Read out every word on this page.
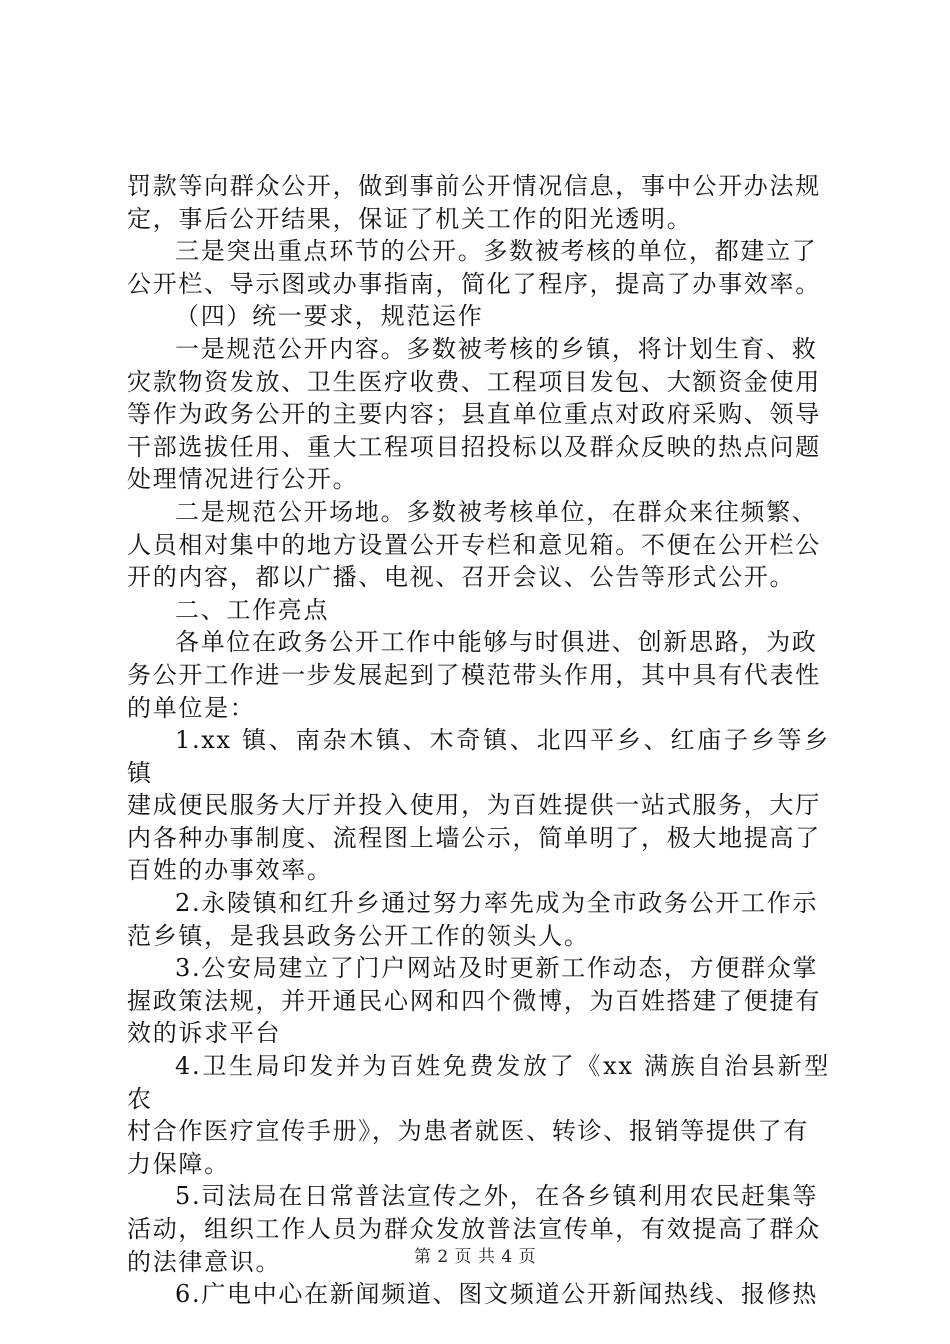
罚款等向群众公开，做到事前公开情况信息，事中公开办法规
定，事后公开结果，保证了机关工作的阳光透明。

三是突出重点环节的公开。多数被考核的单位，都建立了
公开栏、导示图或办事指南，简化了程序，提高了办事效率。

（四）统一要求，规范运作

一是规范公开内容。多数被考核的乡镇，将计划生育、救
灾款物资发放、卫生医疗收费、工程项目发包、大额资金使用
等作为政务公开的主要内容；县直单位重点对政府采购、领导
干部选拔任用、重大工程项目招投标以及群众反映的热点问题
处理情况进行公开。

二是规范公开场地。多数被考核单位，在群众来往频繁、
人员相对集中的地方设置公开专栏和意见箱。不便在公开栏公
开的内容，都以广播、电视、召开会议、公告等形式公开。

二、工作亮点

各单位在政务公开工作中能够与时俱进、创新思路，为政
务公开工作进一步发展起到了模范带头作用，其中具有代表性
的单位是：

1.xx 镇、南杂木镇、木奇镇、北四平乡、红庙子乡等乡镇
建成便民服务大厅并投入使用，为百姓提供一站式服务，大厅
内各种办事制度、流程图上墙公示，简单明了，极大地提高了
百姓的办事效率。

2.永陵镇和红升乡通过努力率先成为全市政务公开工作示
范乡镇，是我县政务公开工作的领头人。

3.公安局建立了门户网站及时更新工作动态，方便群众掌
握政策法规，并开通民心网和四个微博，为百姓搭建了便捷有
效的诉求平台

4.卫生局印发并为百姓免费发放了《xx 满族自治县新型农
村合作医疗宣传手册》，为患者就医、转诊、报销等提供了有
力保障。

5.司法局在日常普法宣传之外，在各乡镇利用农民赶集等
活动，组织工作人员为群众发放普法宣传单，有效提高了群众
的法律意识。

6.广电中心在新闻频道、图文频道公开新闻热线、报修热

第 2 页 共 4 页
